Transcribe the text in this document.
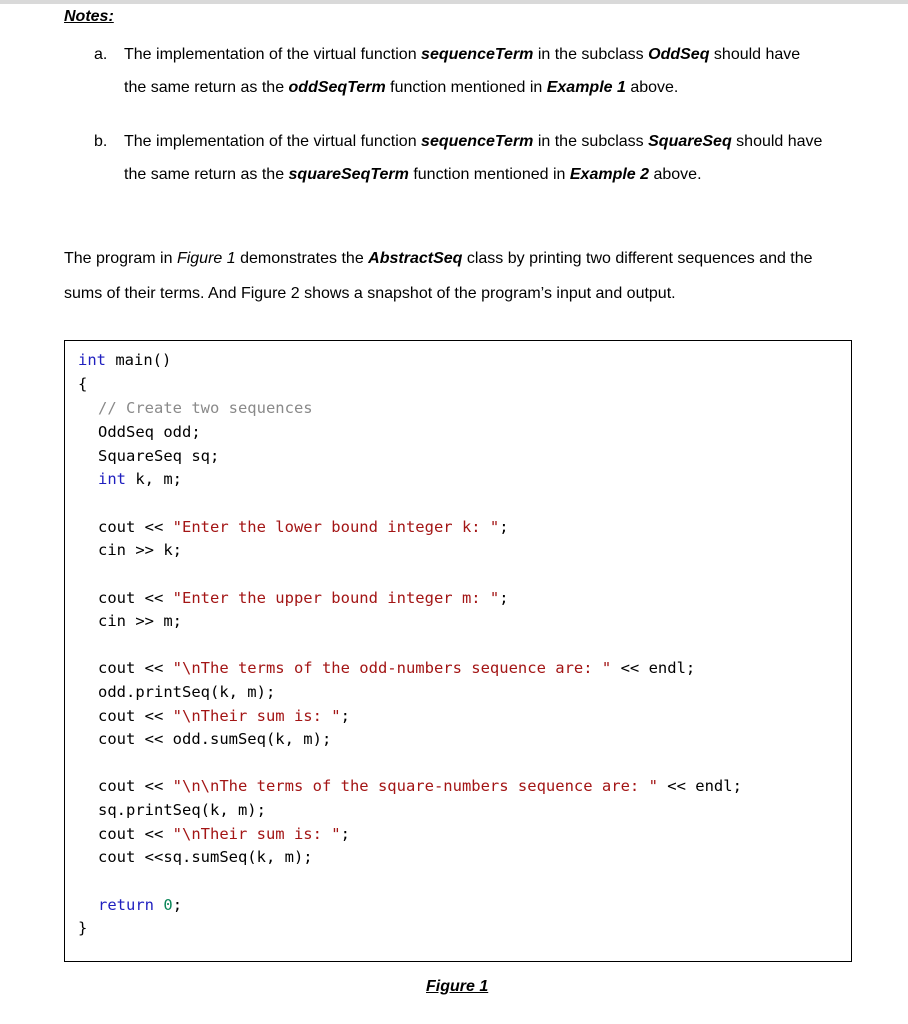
Notes:
a. The implementation of the virtual function sequenceTerm in the subclass OddSeq should have
the same return as the oddSeqTerm function mentioned in Example 1 above.
b. The implementation of the virtual function sequenceTerm in the subclass SquareSeq should have
the same return as the squareSeqTerm function mentioned in Example 2 above.
The program in Figure 1 demonstrates the AbstractSeq class by printing two different sequences and the
sums of their terms. And Figure 2 shows a snapshot of the program’s input and output.
int main()
{
// Create two sequences
OddSeq odd;
SquareSeq sq;
int k, m;
cout << "Enter the lower bound integer k: ";
cin >> k;
cout << "Enter the upper bound integer m: ";
cin >> m;
cout << "\nThe terms of the odd-numbers sequence are: " << endl;
odd.printSeq(k, m);
cout << "\nTheir sum is: ";
cout << odd.sumSeq(k, m);
cout << "\n\nThe terms of the square-numbers sequence are: " << endl;
sq.printSeq(k, m);
cout << "\nTheir sum is: ";
cout <<sq.sumSeq(k, m);
return 0;
}
Figure 1
